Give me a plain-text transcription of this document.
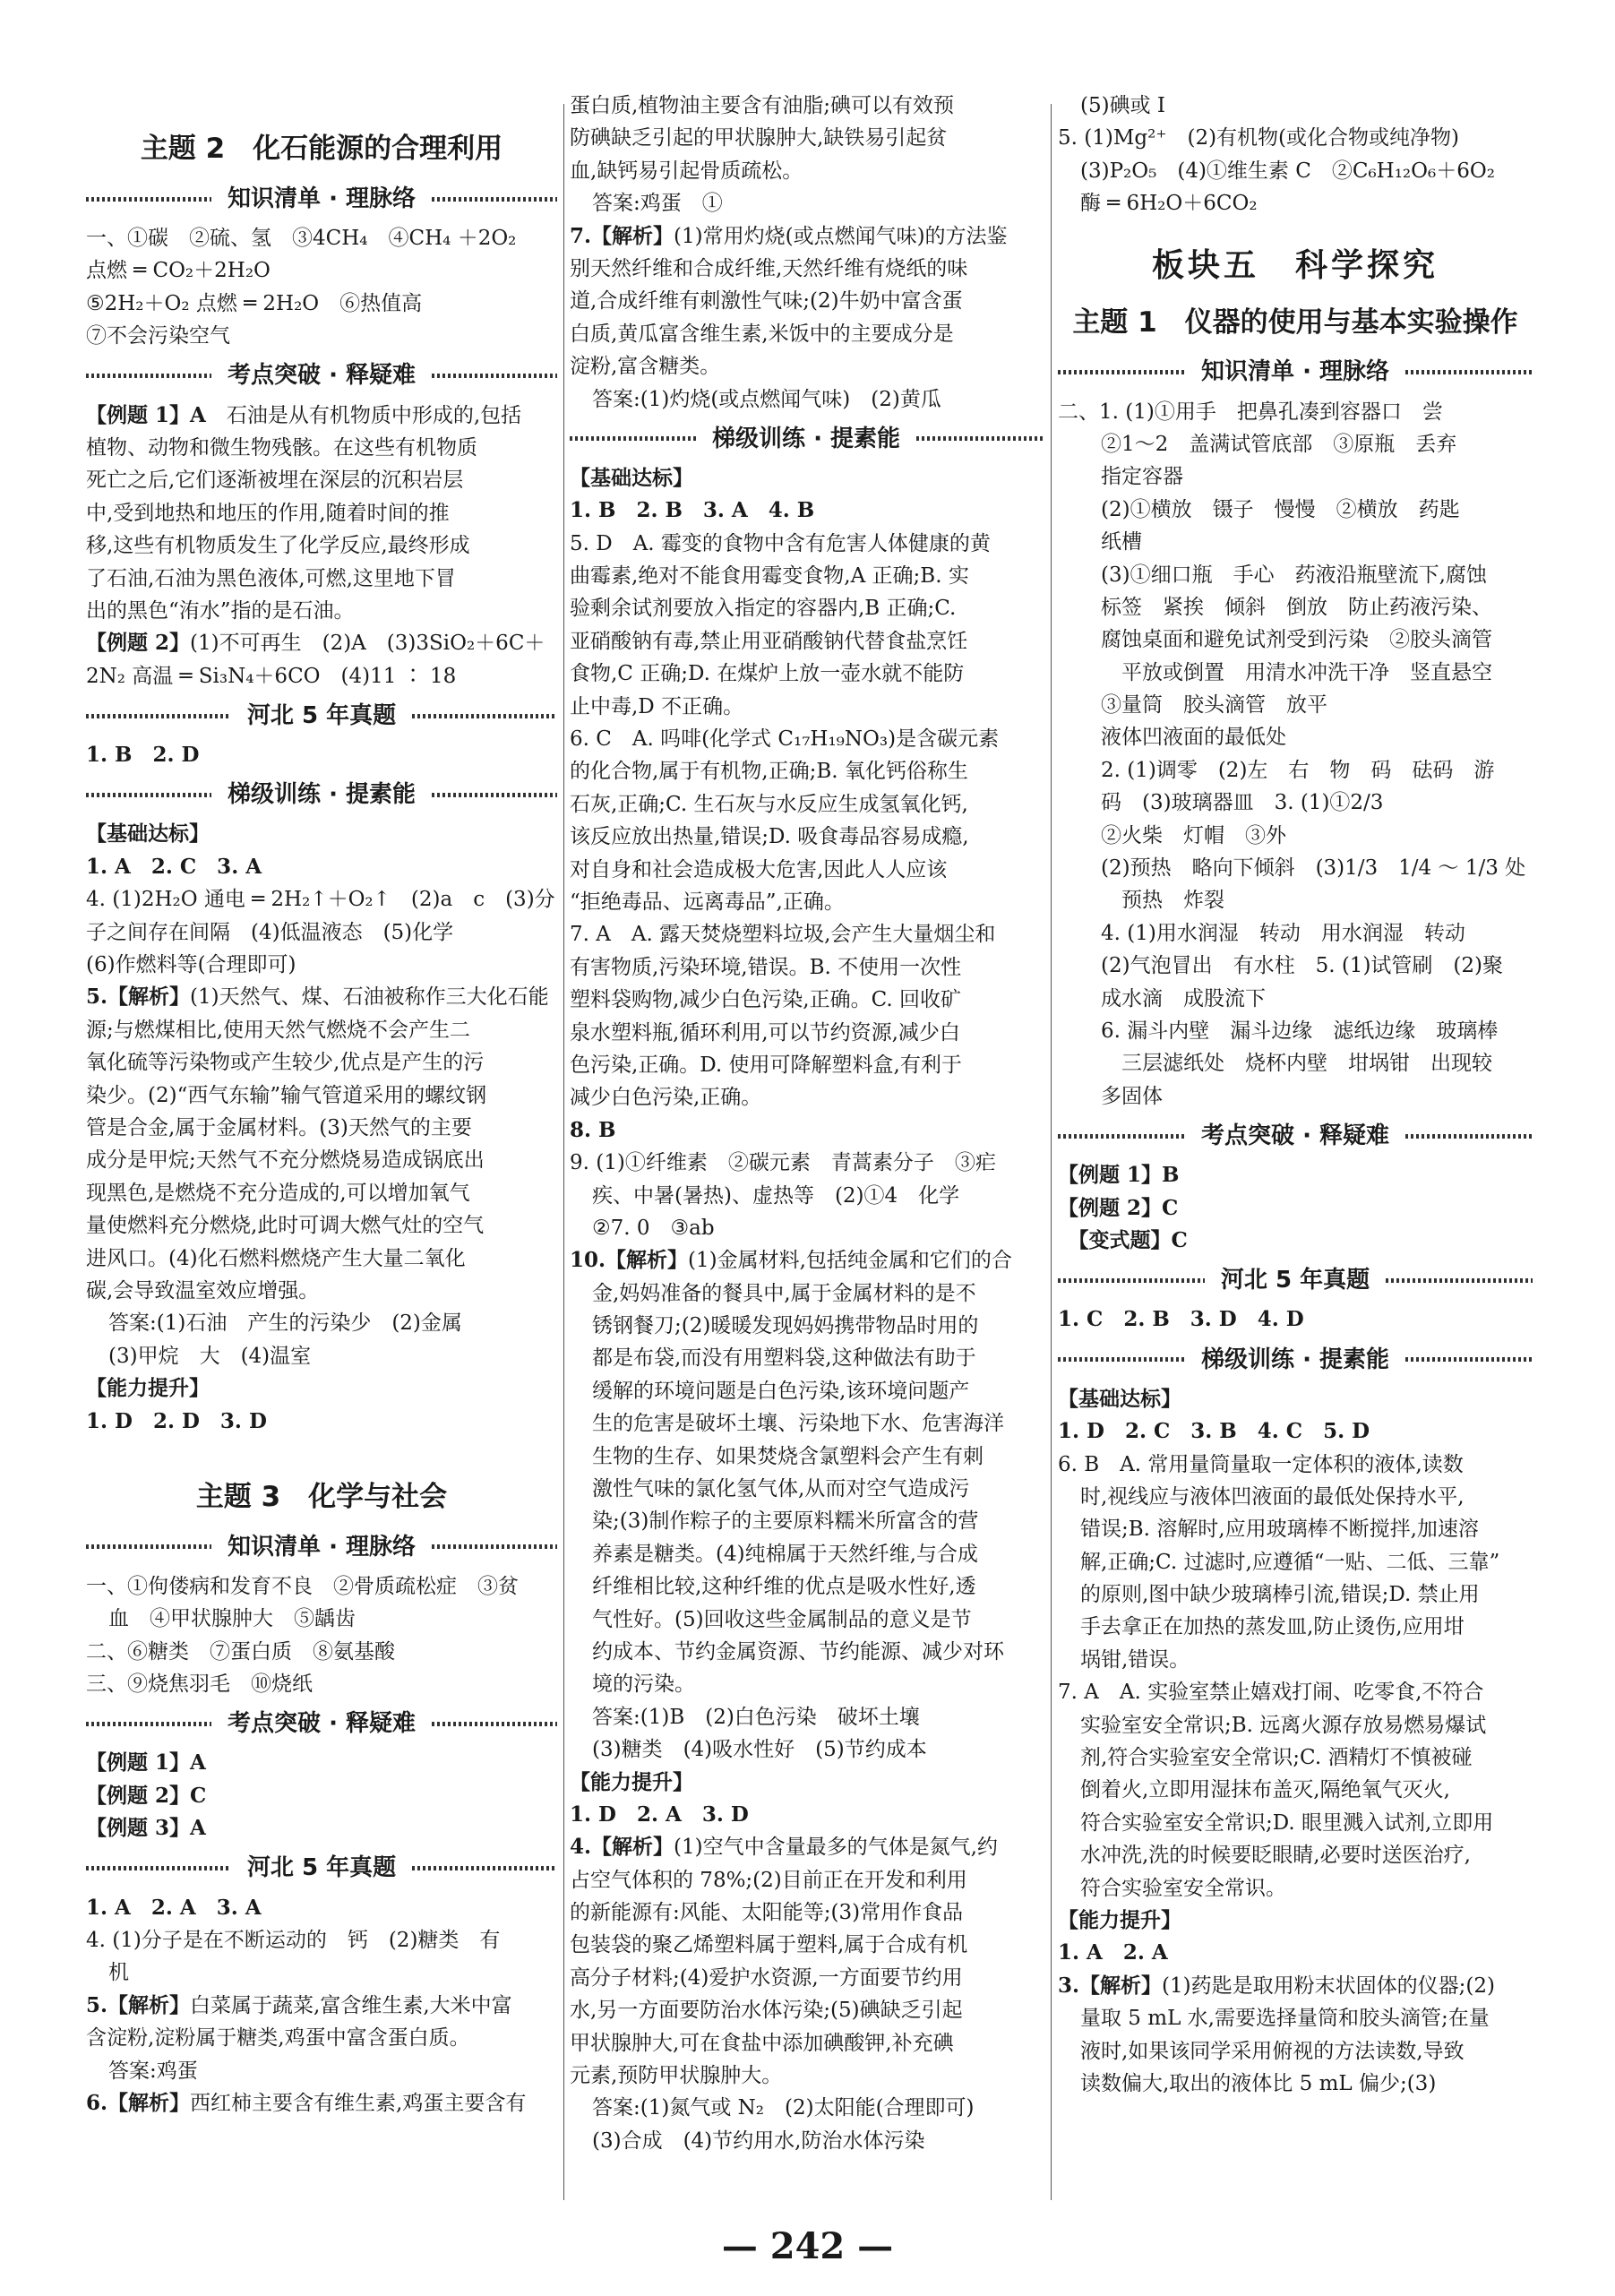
主题 2　化石能源的合理利用
知识清单 · 理脉络
一、①碳　②硫、氢　③4CH₄　④CH₄ ＋2O₂
点燃 ═ CO₂＋2H₂O
⑤2H₂＋O₂ 点燃 ═ 2H₂O　⑥热值高
⑦不会污染空气
考点突破 · 释疑难
【例题 1】A　石油是从有机物质中形成的,包括
植物、动物和微生物残骸。在这些有机物质
死亡之后,它们逐渐被埋在深层的沉积岩层
中,受到地热和地压的作用,随着时间的推
移,这些有机物质发生了化学反应,最终形成
了石油,石油为黑色液体,可燃,这里地下冒
出的黑色“洧水”指的是石油。
【例题 2】(1)不可再生　(2)A　(3)3SiO₂＋6C＋
2N₂ 高温 ═ Si₃N₄＋6CO　(4)11 ∶ 18
河北 5 年真题
1. B　2. D
梯级训练 · 提素能
【基础达标】
1. A　2. C　3. A
4. (1)2H₂O 通电 ═ 2H₂↑＋O₂↑　(2)a　c　(3)分
子之间存在间隔　(4)低温液态　(5)化学
(6)作燃料等(合理即可)
5.【解析】(1)天然气、煤、石油被称作三大化石能
源;与燃煤相比,使用天然气燃烧不会产生二
氧化硫等污染物或产生较少,优点是产生的污
染少。(2)“西气东输”输气管道采用的螺纹钢
管是合金,属于金属材料。(3)天然气的主要
成分是甲烷;天然气不充分燃烧易造成锅底出
现黑色,是燃烧不充分造成的,可以增加氧气
量使燃料充分燃烧,此时可调大燃气灶的空气
进风口。(4)化石燃料燃烧产生大量二氧化
碳,会导致温室效应增强。
答案:(1)石油　产生的污染少　(2)金属
(3)甲烷　大　(4)温室
【能力提升】
1. D　2. D　3. D
主题 3　化学与社会
知识清单 · 理脉络
一、①佝偻病和发育不良　②骨质疏松症　③贫
血　④甲状腺肿大　⑤龋齿
二、⑥糖类　⑦蛋白质　⑧氨基酸
三、⑨烧焦羽毛　⑩烧纸
考点突破 · 释疑难
【例题 1】A
【例题 2】C
【例题 3】A
河北 5 年真题
1. A　2. A　3. A
4. (1)分子是在不断运动的　钙　(2)糖类　有
机
5.【解析】白菜属于蔬菜,富含维生素,大米中富
含淀粉,淀粉属于糖类,鸡蛋中富含蛋白质。
答案:鸡蛋
6.【解析】西红柿主要含有维生素,鸡蛋主要含有
蛋白质,植物油主要含有油脂;碘可以有效预
防碘缺乏引起的甲状腺肿大,缺铁易引起贫
血,缺钙易引起骨质疏松。
答案:鸡蛋　①
7.【解析】(1)常用灼烧(或点燃闻气味)的方法鉴
别天然纤维和合成纤维,天然纤维有烧纸的味
道,合成纤维有刺激性气味;(2)牛奶中富含蛋
白质,黄瓜富含维生素,米饭中的主要成分是
淀粉,富含糖类。
答案:(1)灼烧(或点燃闻气味)　(2)黄瓜
梯级训练 · 提素能
【基础达标】
1. B　2. B　3. A　4. B
5. D　A. 霉变的食物中含有危害人体健康的黄
曲霉素,绝对不能食用霉变食物,A 正确;B. 实
验剩余试剂要放入指定的容器内,B 正确;C.
亚硝酸钠有毒,禁止用亚硝酸钠代替食盐烹饪
食物,C 正确;D. 在煤炉上放一壶水就不能防
止中毒,D 不正确。
6. C　A. 吗啡(化学式 C₁₇H₁₉NO₃)是含碳元素
的化合物,属于有机物,正确;B. 氧化钙俗称生
石灰,正确;C. 生石灰与水反应生成氢氧化钙,
该反应放出热量,错误;D. 吸食毒品容易成瘾,
对自身和社会造成极大危害,因此人人应该
“拒绝毒品、远离毒品”,正确。
7. A　A. 露天焚烧塑料垃圾,会产生大量烟尘和
有害物质,污染环境,错误。B. 不使用一次性
塑料袋购物,减少白色污染,正确。C. 回收矿
泉水塑料瓶,循环利用,可以节约资源,减少白
色污染,正确。D. 使用可降解塑料盒,有利于
减少白色污染,正确。
8. B
9. (1)①纤维素　②碳元素　青蒿素分子　③疟
疾、中暑(暑热)、虚热等　(2)①4　化学
②7. 0　③ab
10.【解析】(1)金属材料,包括纯金属和它们的合
金,妈妈准备的餐具中,属于金属材料的是不
锈钢餐刀;(2)暖暖发现妈妈携带物品时用的
都是布袋,而没有用塑料袋,这种做法有助于
缓解的环境问题是白色污染,该环境问题产
生的危害是破坏土壤、污染地下水、危害海洋
生物的生存、如果焚烧含氯塑料会产生有刺
激性气味的氯化氢气体,从而对空气造成污
染;(3)制作粽子的主要原料糯米所富含的营
养素是糖类。(4)纯棉属于天然纤维,与合成
纤维相比较,这种纤维的优点是吸水性好,透
气性好。(5)回收这些金属制品的意义是节
约成本、节约金属资源、节约能源、减少对环
境的污染。
答案:(1)B　(2)白色污染　破坏土壤
(3)糖类　(4)吸水性好　(5)节约成本
【能力提升】
1. D　2. A　3. D
4.【解析】(1)空气中含量最多的气体是氮气,约
占空气体积的 78%;(2)目前正在开发和利用
的新能源有:风能、太阳能等;(3)常用作食品
包装袋的聚乙烯塑料属于塑料,属于合成有机
高分子材料;(4)爱护水资源,一方面要节约用
水,另一方面要防治水体污染;(5)碘缺乏引起
甲状腺肿大,可在食盐中添加碘酸钾,补充碘
元素,预防甲状腺肿大。
答案:(1)氮气或 N₂　(2)太阳能(合理即可)
(3)合成　(4)节约用水,防治水体污染
(5)碘或 I
5. (1)Mg²⁺　(2)有机物(或化合物或纯净物)
(3)P₂O₅　(4)①维生素 C　②C₆H₁₂O₆＋6O₂
酶 ═ 6H₂O＋6CO₂
板块五　科学探究
主题 1　仪器的使用与基本实验操作
知识清单 · 理脉络
二、1. (1)①用手　把鼻孔凑到容器口　尝
②1～2　盖满试管底部　③原瓶　丢弃
指定容器
(2)①横放　镊子　慢慢　②横放　药匙
纸槽
(3)①细口瓶　手心　药液沿瓶壁流下,腐蚀
标签　紧挨　倾斜　倒放　防止药液污染、
腐蚀桌面和避免试剂受到污染　②胶头滴管
　平放或倒置　用清水冲洗干净　竖直悬空
③量筒　胶头滴管　放平
液体凹液面的最低处
2. (1)调零　(2)左　右　物　码　砝码　游
码　(3)玻璃器皿　3. (1)①2/3
②火柴　灯帽　③外
(2)预热　略向下倾斜　(3)1/3　1/4 ～ 1/3 处
　预热　炸裂
4. (1)用水润湿　转动　用水润湿　转动
(2)气泡冒出　有水柱　5. (1)试管刷　(2)聚
成水滴　成股流下
6. 漏斗内壁　漏斗边缘　滤纸边缘　玻璃棒
　三层滤纸处　烧杯内壁　坩埚钳　出现较
多固体
考点突破 · 释疑难
【例题 1】B
【例题 2】C
　【变式题】C
河北 5 年真题
1. C　2. B　3. D　4. D
梯级训练 · 提素能
【基础达标】
1. D　2. C　3. B　4. C　5. D
6. B　A. 常用量筒量取一定体积的液体,读数
时,视线应与液体凹液面的最低处保持水平,
错误;B. 溶解时,应用玻璃棒不断搅拌,加速溶
解,正确;C. 过滤时,应遵循“一贴、二低、三靠”
的原则,图中缺少玻璃棒引流,错误;D. 禁止用
手去拿正在加热的蒸发皿,防止烫伤,应用坩
埚钳,错误。
7. A　A. 实验室禁止嬉戏打闹、吃零食,不符合
实验室安全常识;B. 远离火源存放易燃易爆试
剂,符合实验室安全常识;C. 酒精灯不慎被碰
倒着火,立即用湿抹布盖灭,隔绝氧气灭火,
符合实验室安全常识;D. 眼里溅入试剂,立即用
水冲洗,洗的时候要眨眼睛,必要时送医治疗,
符合实验室安全常识。
【能力提升】
1. A　2. A
3.【解析】(1)药匙是取用粉末状固体的仪器;(2)
量取 5 mL 水,需要选择量筒和胶头滴管;在量
液时,如果该同学采用俯视的方法读数,导致
读数偏大,取出的液体比 5 mL 偏少;(3)
— 242 —
